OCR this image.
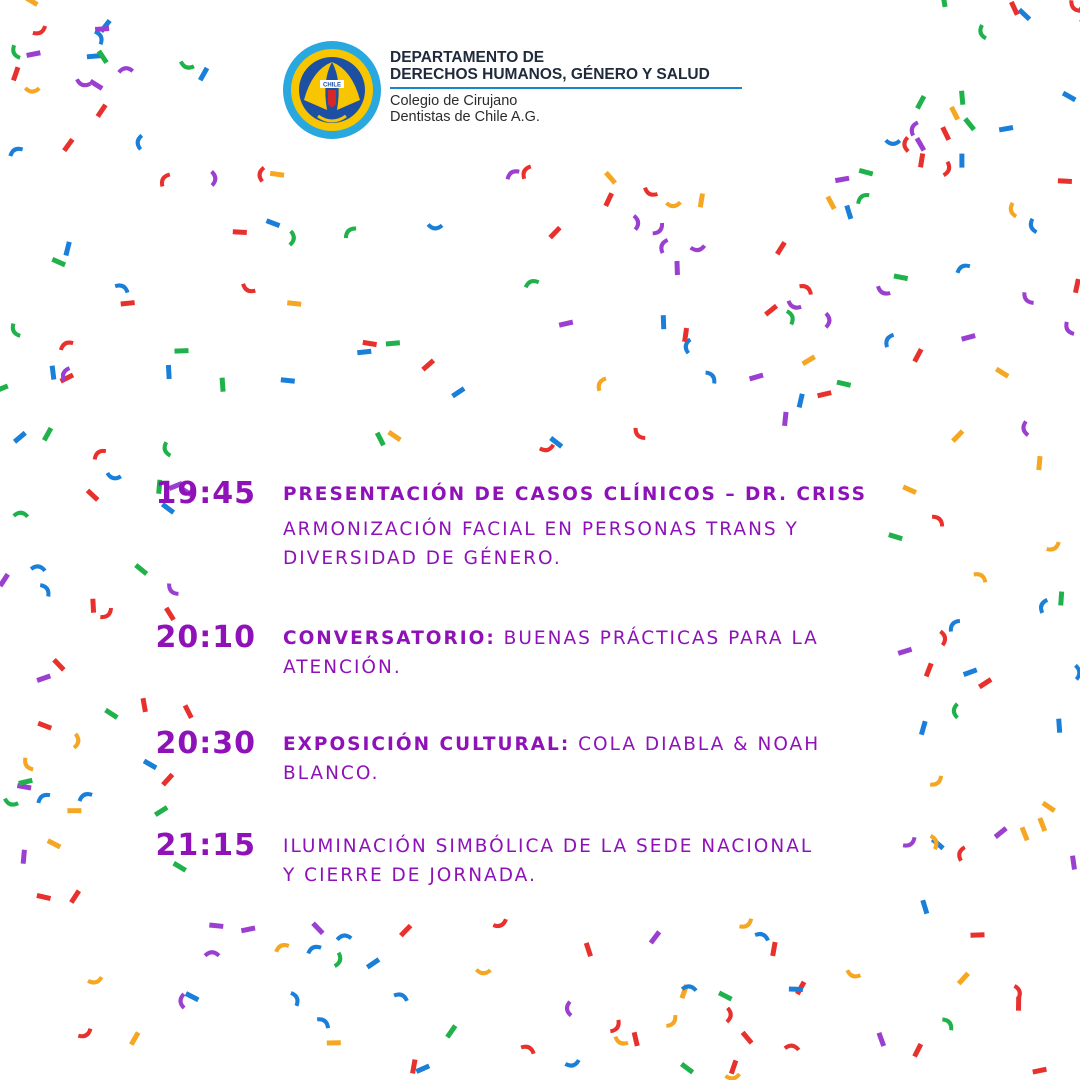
CHILE
DEPARTAMENTO DE
DERECHOS HUMANOS, GÉNERO Y SALUD
Colegio de Cirujano
Dentistas de Chile A.G.
19:45 PRESENTACIÓN DE CASOS CLÍNICOS – DR. CRISS
ARMONIZACIÓN FACIAL EN PERSONAS TRANS Y
DIVERSIDAD DE GÉNERO.
20:10 CONVERSATORIO: BUENAS PRÁCTICAS PARA LA
ATENCIÓN.
20:30 EXPOSICIÓN CULTURAL: COLA DIABLA & NOAH
BLANCO.
21:15 ILUMINACIÓN SIMBÓLICA DE LA SEDE NACIONAL
Y CIERRE DE JORNADA.
